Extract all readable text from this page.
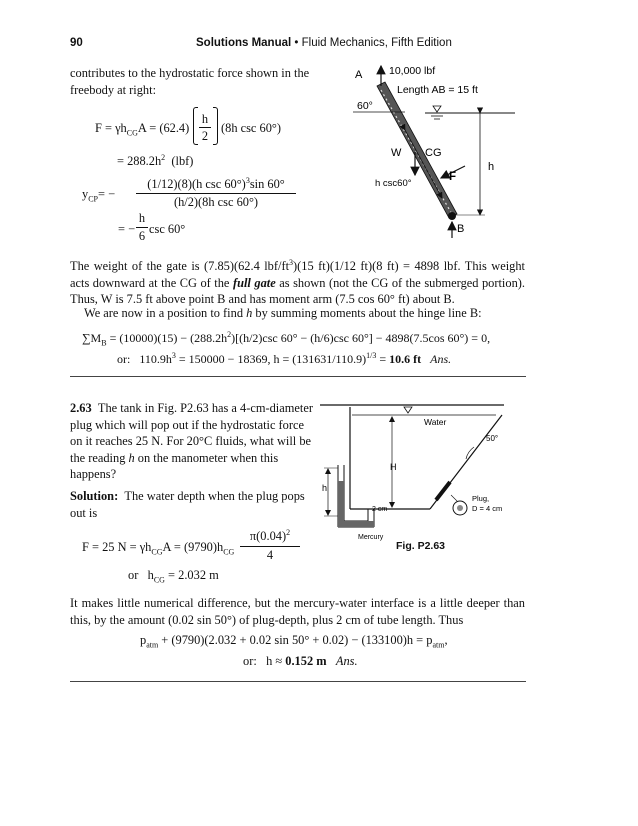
90	Solutions Manual • Fluid Mechanics, Fifth Edition
contributes to the hydrostatic force shown in the freebody at right:
$F = \gamma h_{CG}A = (62.4)$
h
2
(8h csc 60°)
= $288.2h^2$ (lbf)
$y_{CP}=$ −
(1/12)(8)(h csc 60°)$^3$sin 60°
(h/2)(8h csc 60°)
= −
h
6 csc 60°
A	10,000 lbf
Length AB = 15 ft
60°
W CG
F
h
h csc60°
B
The weight of the gate is (7.85)(62.4 lbf/$ft^3)(15$ ft)(1/12 ft)(8 ft) = 4898 lbf. This weight acts downward at the CG of the full gate as shown (not the CG of the submerged portion). Thus, W is 7.5 ft above point B and has moment arm (7.5 cos 60° ft) about B.
We are now in a position to find h by summing moments about the hinge line B:
$\sum M_B = (10000)(15) - (288.2h^2)[(h/2)\csc$ 60° − (h/6)csc 60°] − 4898(7.5cos 60°) = 0,
or: $110.9h^3 = 150000 - 18369$, $h = (131631/110.9)^{1/3} = 10.6$ ft Ans.
2.63 The tank in Fig. P2.63 has a 4-cm-diameter plug which will pop out if the hydrostatic force on it reaches 25 N. For 20°C fluids, what will be the reading h on the manometer when this happens?
Solution: The water depth when the plug pops out is
F = 25 $N = \gamma h_{CG}A = (9790)h_{CG}$
$\pi(0.04)^2$
4
or $h_{CG} = 2.032$ m
Water
50°
H
h
2 cm
Mercury
Plug,
D = 4 cm
Fig. P2.63
It makes little numerical difference, but the mercury-water interface is a little deeper than this, by the amount (0.02 sin 50°) of plug-depth, plus 2 cm of tube length. Thus
$p_{atm} + (9790)(2.032 + 0.02$ $\sin 50^\circ + 0.02) - (133100)h = p_{atm}$,
or: h ≈ 0.152 m Ans.
